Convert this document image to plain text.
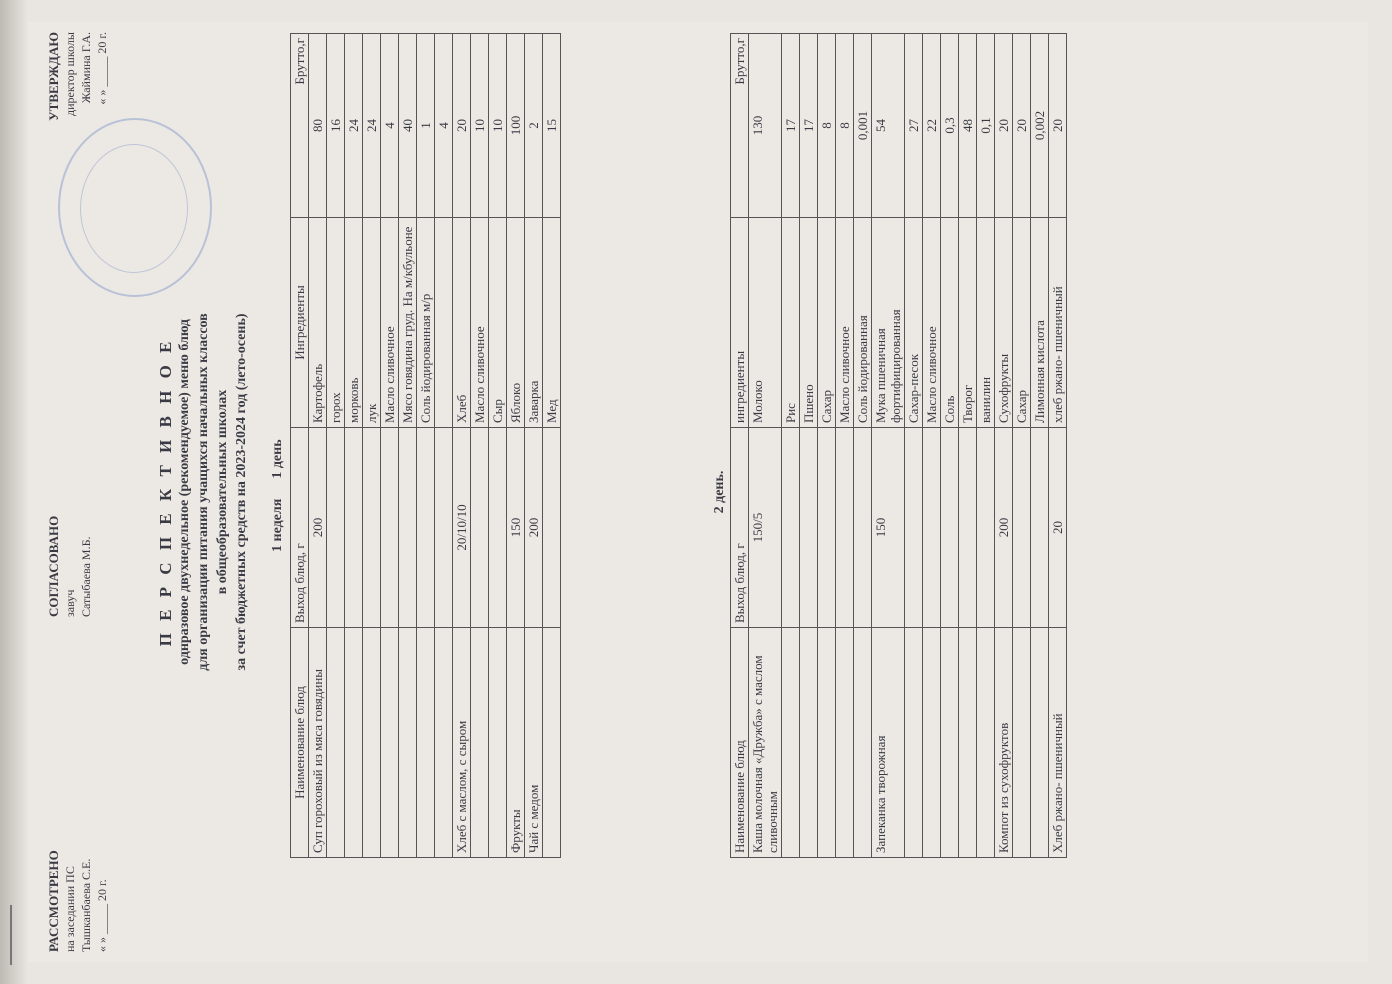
РАССМОТРЕНО на заседании ПС Тышканбаева С.Е. « » _____ 20 г.
СОГЛАСОВАНО завуч Сатыбаева М.Б.
УТВЕРЖДАЮ директор школы Жаймина Г.А. « » _____ 20 г.
П Е Р С П Е К Т И В Н О Е однразовое двухнедельное (рекомендуемое) меню блюд для организации питания учащихся начальных классов в общеобразовательных школах за счет бюджетных средств на 2023-2024 год (лето-осень) 1 неделя1 день
Наименование блюд	Выход блюд, г	Ингредиенты	Брутто,г
Суп гороховый из мяса говядины	200	Картофель	80
		горох	16
		морковь	24
		лук	24
		Масло сливочное	4
		Мясо говядина груд. На м/кбульоне	40
		Соль йодированная м/р	1
			4
Хлеб с маслом, с сыром	20/10/10	Хлеб	20
		Масло сливочное	10
		Сыр	10
Фрукты	150	Яблоко	100
Чай с медом	200	Заварка	2
		Мед	15
2 день.
Наименование блюд	Выход блюд, г	ингредиенты	Брутто,г
Каша молочная «Дружба» с маслом сливочным	150/5	Молоко	130
		Рис	17
		Пшено	17
		Сахар	8
		Масло сливочное	8
		Соль йодированная	0,001
Запеканка творожная	150	Мука пшеничная фортифицированная	54
		Сахар-песок	27
		Масло сливочное	22
		Соль	0,3
		Творог	48
		ванилин	0,1
Компот из сухофруктов	200	Сухофрукты	20
		Сахар	20
		Лимонная кислота	0,002
Хлеб ржано- пшеничный	20	хлеб ржано- пшеничный	20
